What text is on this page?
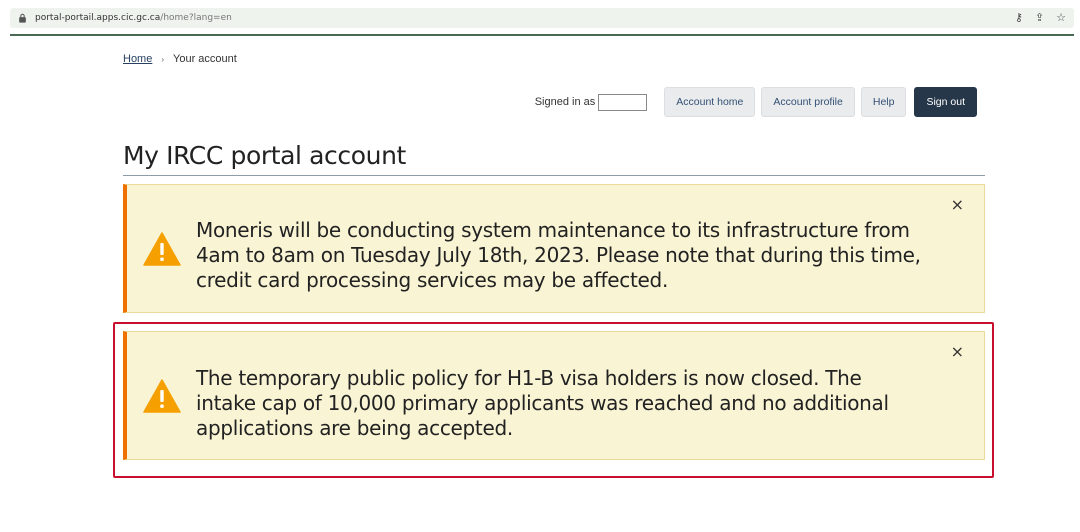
portal-portail.apps.cic.gc.ca/home?lang=en	⚷ ⇪ ☆
Home › Your account
Signed in as	Account home	Account profile	Help	Sign out
My IRCC portal account

Moneris will be conducting system maintenance to its infrastructure from 4am to 8am on Tuesday July 18th, 2023. Please note that during this time, credit card processing services may be affected.

×

The temporary public policy for H1-B visa holders is now closed. The intake cap of 10,000 primary applicants was reached and no additional applications are being accepted.

×
